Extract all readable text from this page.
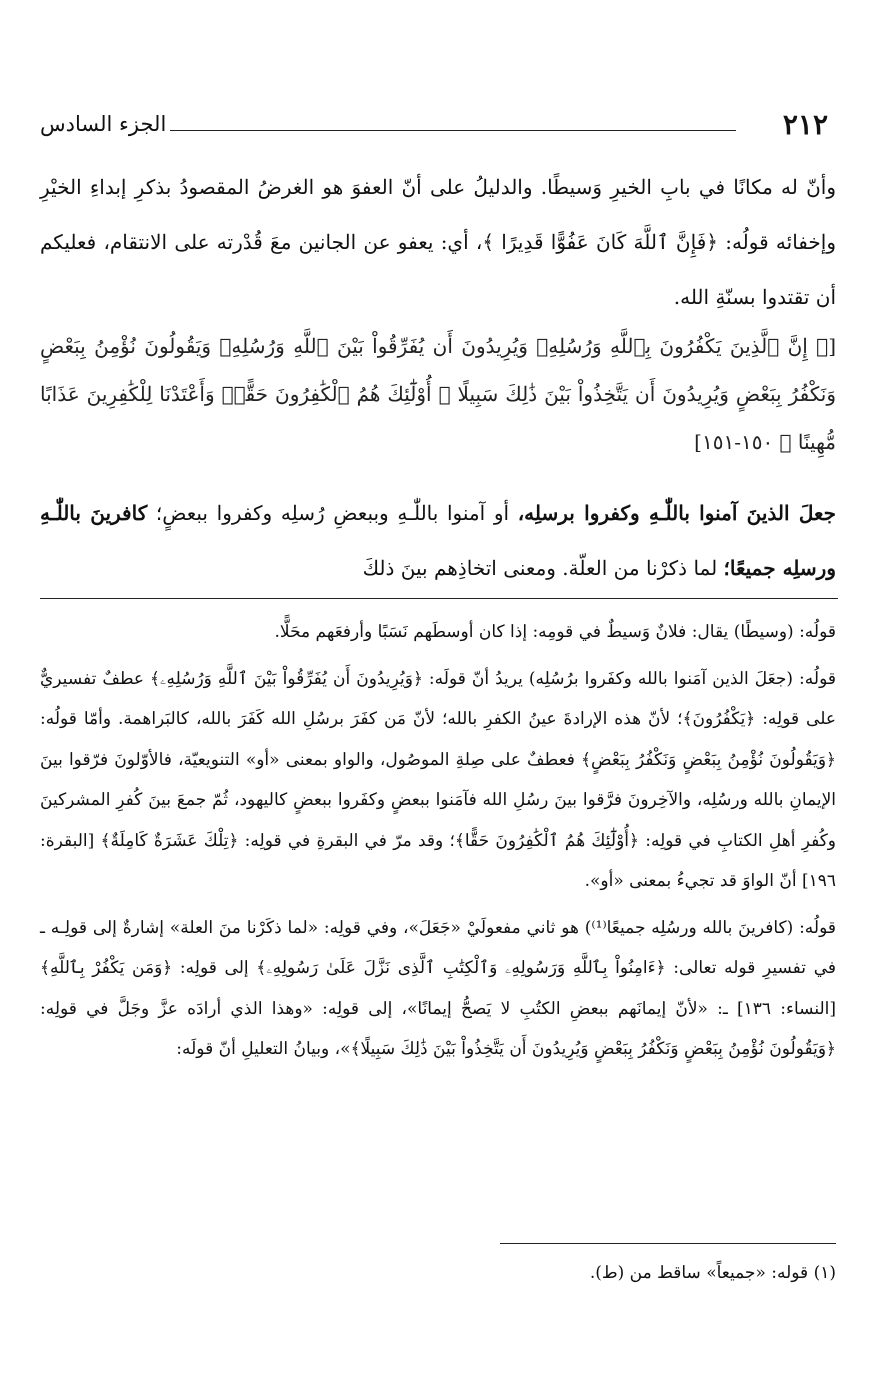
٢١٢
الجزء السادس

وأنّ له مكانًا في بابِ الخيرِ وَسيطًا. والدليلُ على أنّ العفوَ هو الغرضُ المقصودُ بذكرِ إبداءِ الخيْرِ وإخفائه قولُه: ﴿فَإِنَّ ٱللَّهَ كَانَ عَفُوًّا قَدِيرًا ﴾، أي: يعفو عن الجانين معَ قُدْرته على الانتقام، فعليكم أن تقتدوا بسنّةِ الله.

[﴿ إِنَّ ٱلَّذِينَ يَكْفُرُونَ بِٱللَّهِ وَرُسُلِهِۦ وَيُرِيدُونَ أَن يُفَرِّقُواْ بَيْنَ ٱللَّهِ وَرُسُلِهِۦ وَيَقُولُونَ نُؤْمِنُ بِبَعْضٍ وَنَكْفُرُ بِبَعْضٍ وَيُرِيدُونَ أَن يَتَّخِذُواْ بَيْنَ ذَٰلِكَ سَبِيلًا ۞ أُوْلَٰٓئِكَ هُمُ ٱلْكَٰفِرُونَ حَقًّاۚ وَأَعْتَدْنَا لِلْكَٰفِرِينَ عَذَابًا مُّهِينًا ﴾ ١٥٠-١٥١]

جعلَ الذينَ آمنوا باللّٰـهِ وكفروا برسلِه، أو آمنوا باللّٰـهِ وببعضِ رُسلِه وكفروا ببعضٍ؛ كافرينَ باللّٰـهِ ورسلِه جميعًا؛ لما ذكرْنا من العلّة. ومعنى اتخاذِهم بينَ ذلكَ

قولُه: (وسيطًا) يقال: فلانٌ وَسيطٌ في قومِه: إذا كان أوسطَهم نَسَبًا وأرفعَهم محَلًّا.

قولُه: (جعَلَ الذين آمَنوا بالله وكفَروا برُسُلِه) يريدُ أنّ قولَه: ﴿وَيُرِيدُونَ أَن يُفَرِّقُواْ بَيْنَ ٱللَّهِ وَرُسُلِهِۦ﴾ عطفٌ تفسيريٌّ على قولِه: ﴿يَكْفُرُونَ﴾؛ لأنّ هذه الإرادةَ عينُ الكفرِ بالله؛ لأنّ مَن كفَرَ برسُلِ الله كَفَرَ بالله، كالبَراهمة. وأمّا قولُه: ﴿وَيَقُولُونَ نُؤْمِنُ بِبَعْضٍ وَنَكْفُرُ بِبَعْضٍ﴾ فعطفٌ على صِلةِ الموصُول، والواو بمعنى «أو» التنويعيّة، فالأوّلونَ فرّقوا بينَ الإيمانِ بالله ورسُلِه، والآخِرونَ فرَّقوا بينَ رسُلِ الله فآمَنوا ببعضٍ وكفَروا ببعضٍ كاليهود، ثُمّ جمعَ بينَ كُفرِ المشركينَ وكُفرِ أهلِ الكتابِ في قولِه: ﴿أُوْلَٰٓئِكَ هُمُ ٱلْكَٰفِرُونَ حَقًّا﴾؛ وقد مرّ في البقرةِ في قولِه: ﴿تِلْكَ عَشَرَةٌ كَامِلَةٌ﴾ [البقرة: ١٩٦] أنّ الواوَ قد تجيءُ بمعنى «أو».

قولُه: (كافرينَ بالله ورسُلِه جميعًا⁽¹⁾) هو ثاني مفعولَيْ «جَعَلَ»، وفي قولِه: «لما ذكَرْنا منَ العلة» إشارةٌ إلى قولِـه ـ في تفسيرِ قوله تعالى: ﴿ءَامِنُواْ بِٱللَّهِ وَرَسُولِهِۦ وَٱلْكِتَٰبِ ٱلَّذِى نَزَّلَ عَلَىٰ رَسُولِهِۦ﴾ إلى قولِه: ﴿وَمَن يَكْفُرْ بِٱللَّهِ﴾ [النساء: ١٣٦] ـ: «لأنّ إيمانَهم ببعضِ الكتُبِ لا يَصحُّ إيمانًا»، إلى قولِه: «وهذا الذي أرادَه عزَّ وجَلَّ في قولِه: ﴿وَيَقُولُونَ نُؤْمِنُ بِبَعْضٍ وَنَكْفُرُ بِبَعْضٍ وَيُرِيدُونَ أَن يَتَّخِذُواْ بَيْنَ ذَٰلِكَ سَبِيلًا﴾»، وبيانُ التعليلِ أنّ قولَه:

(١) قوله: «جميعاً» ساقط من (ط).
